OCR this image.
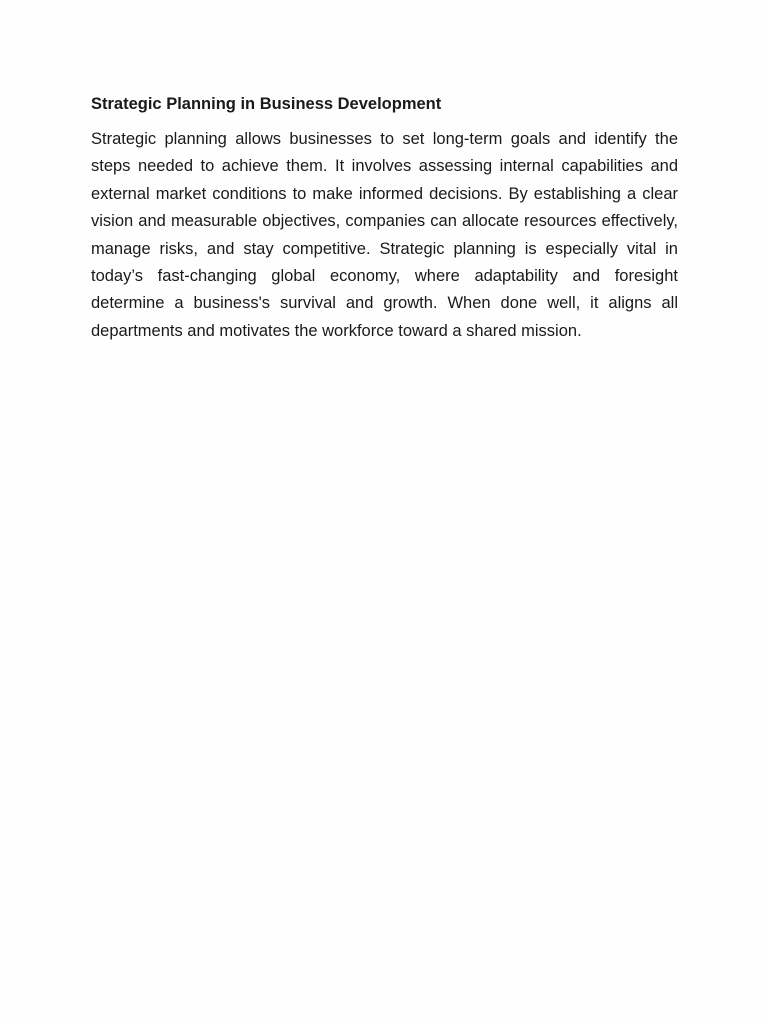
Strategic Planning in Business Development

Strategic planning allows businesses to set long-term goals and identify the steps needed to achieve them. It involves assessing internal capabilities and external market conditions to make informed decisions. By establishing a clear vision and measurable objectives, companies can allocate resources effectively, manage risks, and stay competitive. Strategic planning is especially vital in today’s fast-changing global economy, where adaptability and foresight determine a business's survival and growth. When done well, it aligns all departments and motivates the workforce toward a shared mission.
